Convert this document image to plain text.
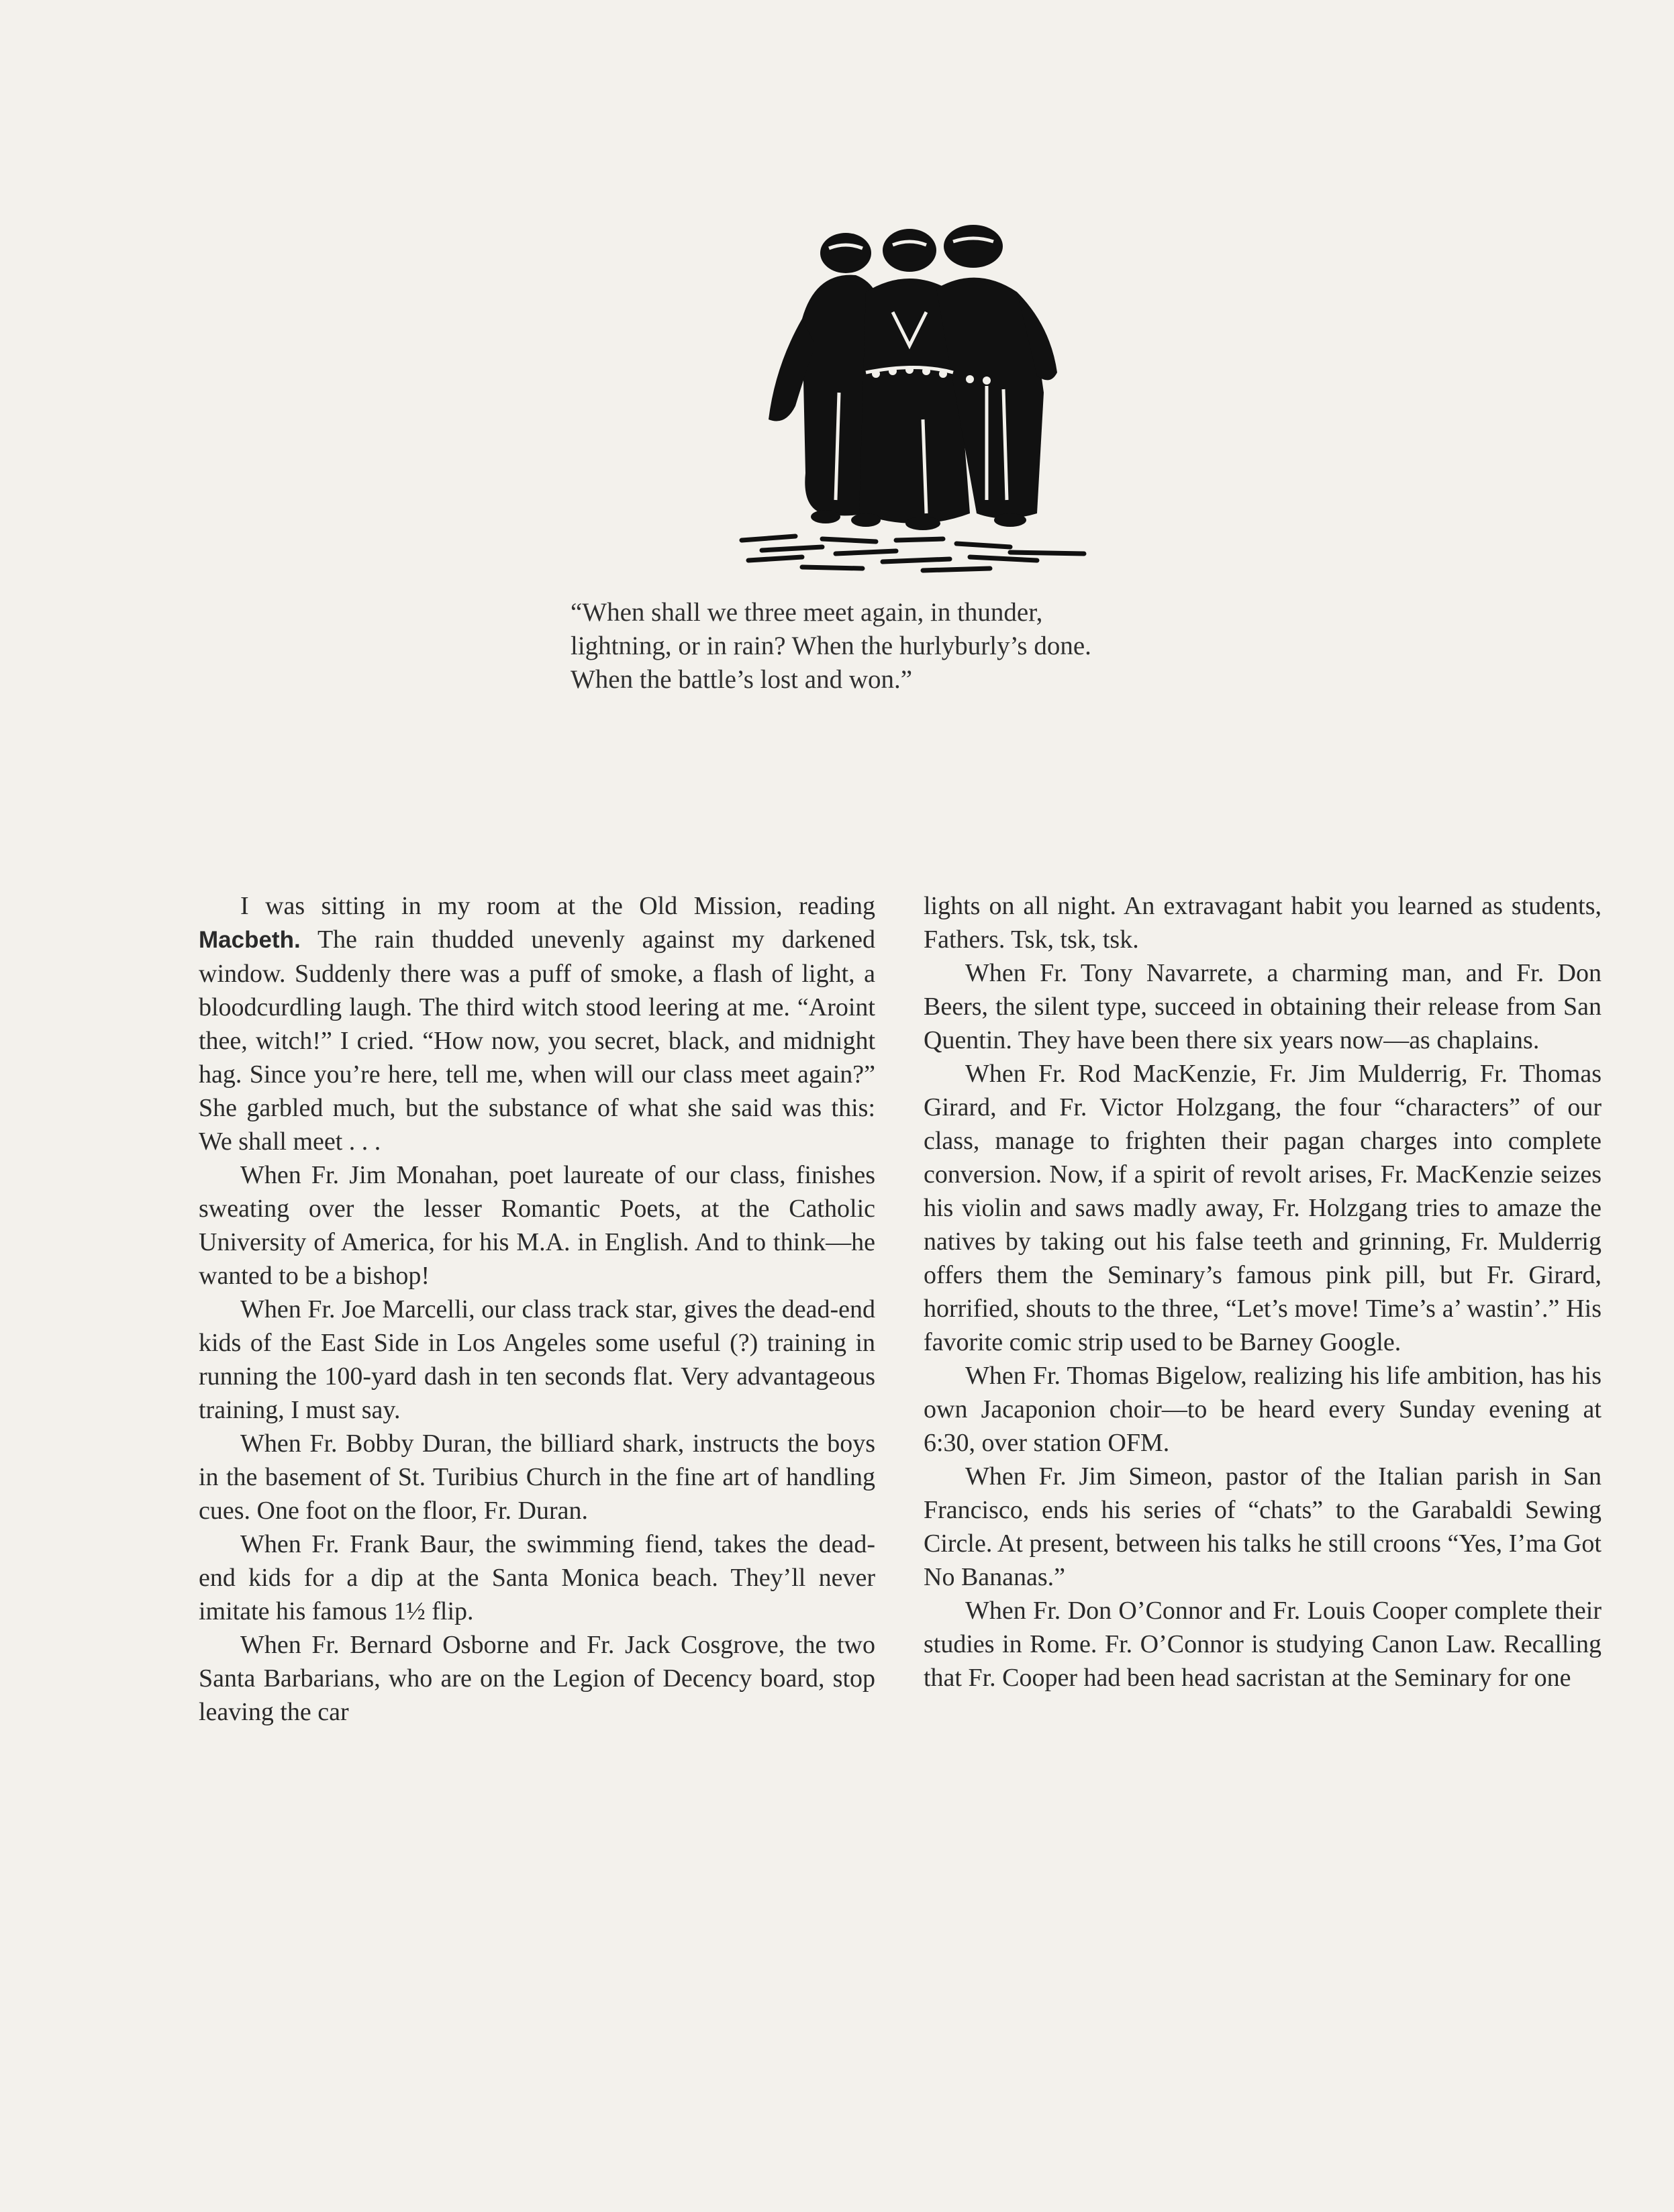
“When shall we three meet again, in thunder,

lightning, or in rain? When the hurlyburly’s done.

When the battle’s lost and won.”

I was sitting in my room at the Old Mission, reading Macbeth. The rain thudded unevenly against my darkened window. Suddenly there was a puff of smoke, a flash of light, a bloodcurdling laugh. The third witch stood leering at me. “Aroint thee, witch!” I cried. “How now, you secret, black, and midnight hag. Since you’re here, tell me, when will our class meet again?” She garbled much, but the substance of what she said was this: We shall meet . . .

When Fr. Jim Monahan, poet laureate of our class, finishes sweating over the lesser Romantic Poets, at the Catholic University of America, for his M.A. in English. And to think—he wanted to be a bishop!

When Fr. Joe Marcelli, our class track star, gives the dead-end kids of the East Side in Los Angeles some useful (?) training in running the 100-yard dash in ten seconds flat. Very advantageous training, I must say.

When Fr. Bobby Duran, the billiard shark, instructs the boys in the basement of St. Turibius Church in the fine art of handling cues. One foot on the floor, Fr. Duran.

When Fr. Frank Baur, the swimming fiend, takes the dead-end kids for a dip at the Santa Monica beach. They’ll never imitate his famous 1½ flip.

When Fr. Bernard Osborne and Fr. Jack Cosgrove, the two Santa Barbarians, who are on the Legion of Decency board, stop leaving the car

lights on all night. An extravagant habit you learned as students, Fathers. Tsk, tsk, tsk.

When Fr. Tony Navarrete, a charming man, and Fr. Don Beers, the silent type, succeed in obtaining their release from San Quentin. They have been there six years now—as chaplains.

When Fr. Rod MacKenzie, Fr. Jim Mulderrig, Fr. Thomas Girard, and Fr. Victor Holzgang, the four “characters” of our class, manage to frighten their pagan charges into complete conversion. Now, if a spirit of revolt arises, Fr. MacKenzie seizes his violin and saws madly away, Fr. Holzgang tries to amaze the natives by taking out his false teeth and grinning, Fr. Mulderrig offers them the Seminary’s famous pink pill, but Fr. Girard, horrified, shouts to the three, “Let’s move! Time’s a’ wastin’.” His favorite comic strip used to be Barney Google.

When Fr. Thomas Bigelow, realizing his life ambition, has his own Jacaponion choir—to be heard every Sunday evening at 6:30, over station OFM.

When Fr. Jim Simeon, pastor of the Italian parish in San Francisco, ends his series of “chats” to the Garabaldi Sewing Circle. At present, between his talks he still croons “Yes, I’ma Got No Bananas.”

When Fr. Don O’Connor and Fr. Louis Cooper complete their studies in Rome. Fr. O’Connor is studying Canon Law. Recalling that Fr. Cooper had been head sacristan at the Seminary for one
